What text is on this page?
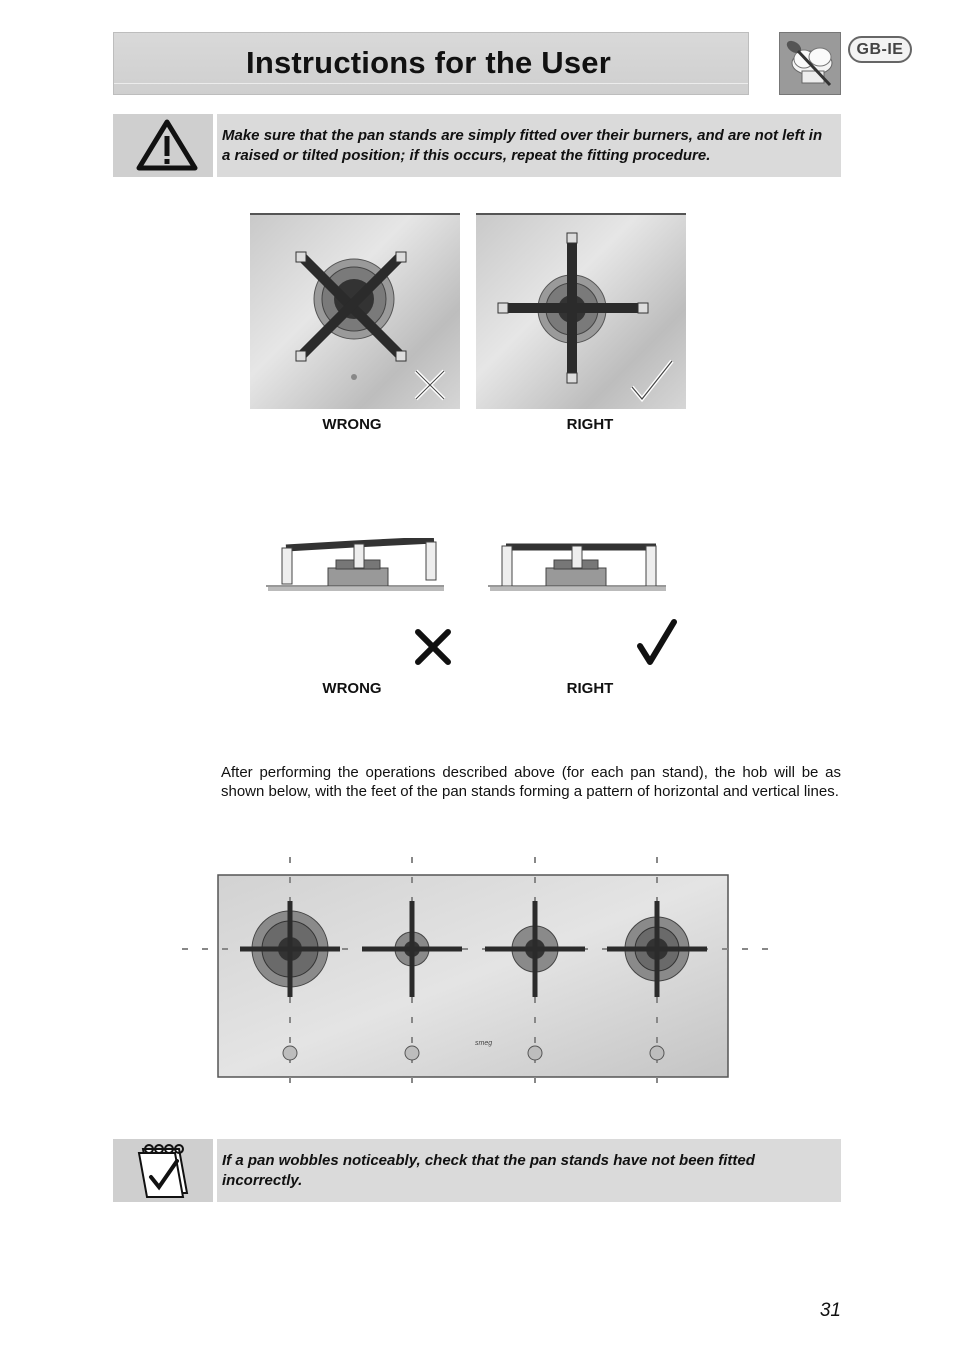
Instructions for the User	GB-IE
Make sure that the pan stands are simply fitted over their burners, and are not left in a raised or tilted position; if this occurs, repeat the fitting procedure.
WRONG	RIGHT
WRONG	RIGHT
After performing the operations described above (for each pan stand), the hob will be as shown below, with the feet of the pan stands forming a pattern of horizontal and vertical lines.
smeg
If a pan wobbles noticeably, check that the pan stands have not been fitted incorrectly.
31
